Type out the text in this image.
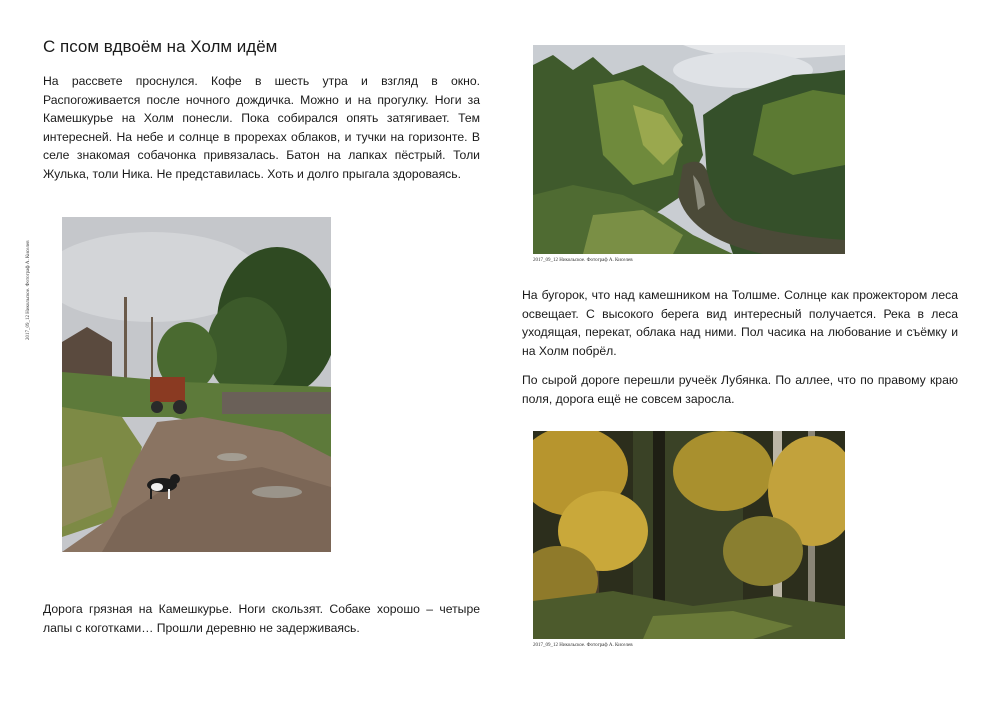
С псом вдвоём на Холм идём

На рассвете проснулся. Кофе в шесть утра и взгляд в окно. Распогоживается после ночного дождичка. Можно и на прогулку. Ноги за Камешкурье на Холм понесли. Пока собирался опять затягивает. Тем интересней. На небе и солнце в прорехах облаков, и тучки на горизонте. В селе знакомая собачонка привязалась. Батон на лапках пёстрый. Толи Жулька, толи Ника. Не представилась. Хоть и долго прыгала здороваясь.

2017_09_12 Никольское. Фотограф А. Киселев

На бугорок, что над камешником на Толшме. Солнце как прожектором леса освещает. С высокого берега вид интересный получается. Река в леса уходящая, перекат, облака над ними. Пол часика на любование и съёмку и на Холм побрёл.

По сырой дороге перешли ручеёк Лубянка. По аллее, что по правому краю поля, дорога ещё не совсем заросла.

2017_09_12 Никольское. Фотограф А. Киселев

Дорога грязная на Камешкурье. Ноги скользят. Собаке хорошо – четыре лапы с коготками… Прошли деревню не задерживаясь.

2017_09_12 Никольское. Фотограф А. Киселев
